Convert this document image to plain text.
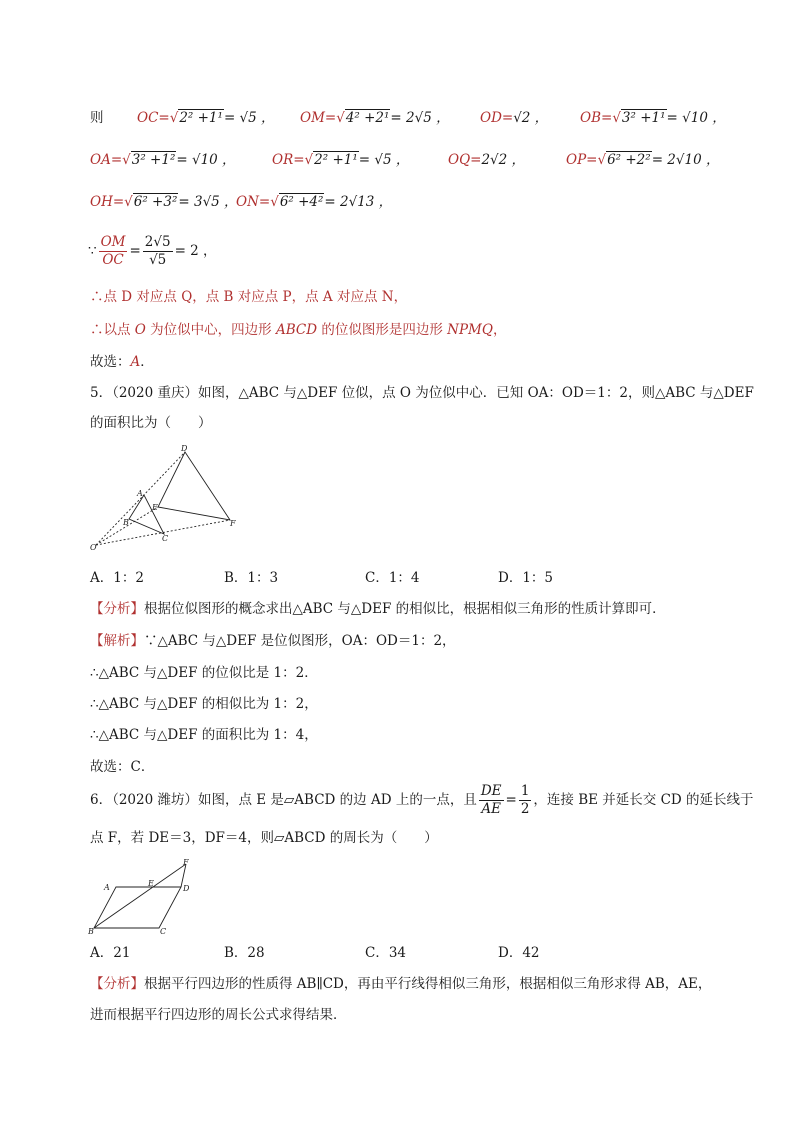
则 OC=√2² +1¹= √5 ， OM=√4² +2¹= 2√5 ， OD=√2 ， OB=√3² +1¹= √10 ，
OA=√3² +1²= √10 ，	OR=√2² +1¹= √5 ，	OQ=2√2 ，	OP=√6² +2²= 2√10 ，
OH=√6² +3²= 3√5 ，
ON=√6² +4²= 2√13 ，
∵ $\frac{OM}{OC} = \frac{2√5}{√5} = 2$ ，
∴点 D 对应点 Q，点 B 对应点 P，点 A 对应点 N，
∴以点 O 为位似中心，四边形 ABCD 的位似图形是四边形 NPMQ，
故选：A．
5．（2020 重庆）如图，△ABC 与△DEF 位似，点 O 为位似中心．已知 OA：OD＝1：2，则△ABC 与△DEF
的面积比为（　　）
D
A
E
B
C
F
O
A．1：2	B．1：3	C．1：4	D．1：5
【分析】根据位似图形的概念求出△ABC 与△DEF 的相似比，根据相似三角形的性质计算即可．
【解析】∵△ABC 与△DEF 是位似图形，OA：OD＝1：2，
∴△ABC 与△DEF 的位似比是 1：2．
∴△ABC 与△DEF 的相似比为 1：2，
∴△ABC 与△DEF 的面积比为 1：4，
故选：C．
6．（2020 潍坊）如图，点 E 是▱ABCD 的边 AD 上的一点，且 $\frac{DE}{AE} = \frac{1}{2}$ ，连接 BE 并延长交 CD 的延长线于
点 F，若 DE＝3，DF＝4，则▱ABCD 的周长为（　　）
A	E
D
F
B	C
A．21	B．28	C．34	D．42
【分析】根据平行四边形的性质得 AB∥CD，再由平行线得相似三角形，根据相似三角形求得 AB，AE，
进而根据平行四边形的周长公式求得结果．
